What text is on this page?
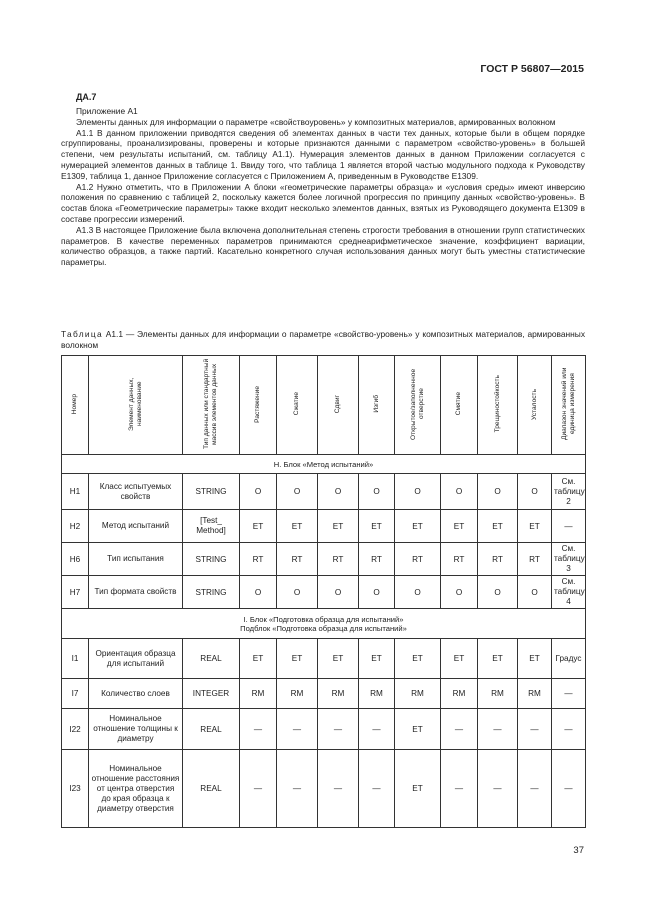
ГОСТ Р 56807—2015
ДА.7

Приложение А1

Элементы данных для информации о параметре «свойствоуровень» у композитных материалов, армированных волокном

А1.1 В данном приложении приводятся сведения об элементах данных в части тех данных, которые были в общем порядке сгруппированы, проанализированы, проверены и которые признаются данными с параметром «свойство-уровень» в большей степени, чем результаты испытаний, см. таблицу А1.1). Нумерация элементов данных в данном Приложении согласуется с нумерацией элементов данных в таблице 1. Ввиду того, что таблица 1 является второй частью модульного подхода к Руководству Е1309, таблица 1, данное Приложение согласуется с Приложением А, приведенным в Руководстве Е1309.

А1.2 Нужно отметить, что в Приложении А блоки «геометрические параметры образца» и «условия среды» имеют инверсию положения по сравнению с таблицей 2, поскольку кажется более логичной прогрессия по принципу данных «свойство-уровень». В состав блока «Геометрические параметры» также входит несколько элементов данных, взятых из Руководящего документа Е1309 в составе прогрессии измерений.

А1.3 В настоящее Приложение была включена дополнительная степень строгости требования в отношении групп статистических параметров. В качестве переменных параметров принимаются среднеарифметическое значение, коэффициент вариации, количество образцов, а также партий. Касательно конкретного случая использования данных могут быть уместны статистические параметры.

Таблица А1.1 — Элементы данных для информации о параметре «свойство-уровень» у композитных материалов, армированных волокном
Номер	Элемент данных, наименование	Тип данных или стандартный массив элементов данных	Растяжение	Сжатие	Сдвиг	Изгиб	Открытое/заполненное отверстие	Смятие	Трещиностойкость	Усталость	Диапазон значений или единица измерения
Н. Блок «Метод испытаний»											
Н1	Класс испытуемых свойств	STRING	O	O	O	O	O	O	O	O	См. таблицу 2
Н2	Метод испытаний	[Test_ Method]	ET	ET	ET	ET	ET	ET	ET	ET	—
Н6	Тип испытания	STRING	RT	RT	RT	RT	RT	RT	RT	RT	См. таблицу 3
Н7	Тип формата свойств	STRING	O	O	O	O	O	O	O	O	См. таблицу 4

I. Блок «Подготовка образца для испытаний»
Подблок «Подготовка образца для испытаний»											

I1	Ориентация образца для испытаний	REAL	ET	ET	ET	ET	ET	ET	ET	ET	Градус
I7	Количество слоев	INTEGER	RM	RM	RM	RM	RM	RM	RM	RM	—
I22	Номинальное отношение толщины к диаметру	REAL	—	—	—	—	ET	—	—	—	—
I23	Номинальное отношение расстояния от центра отверстия до края образца к диаметру отверстия	REAL	—	—	—	—	ET	—	—	—	—
37
